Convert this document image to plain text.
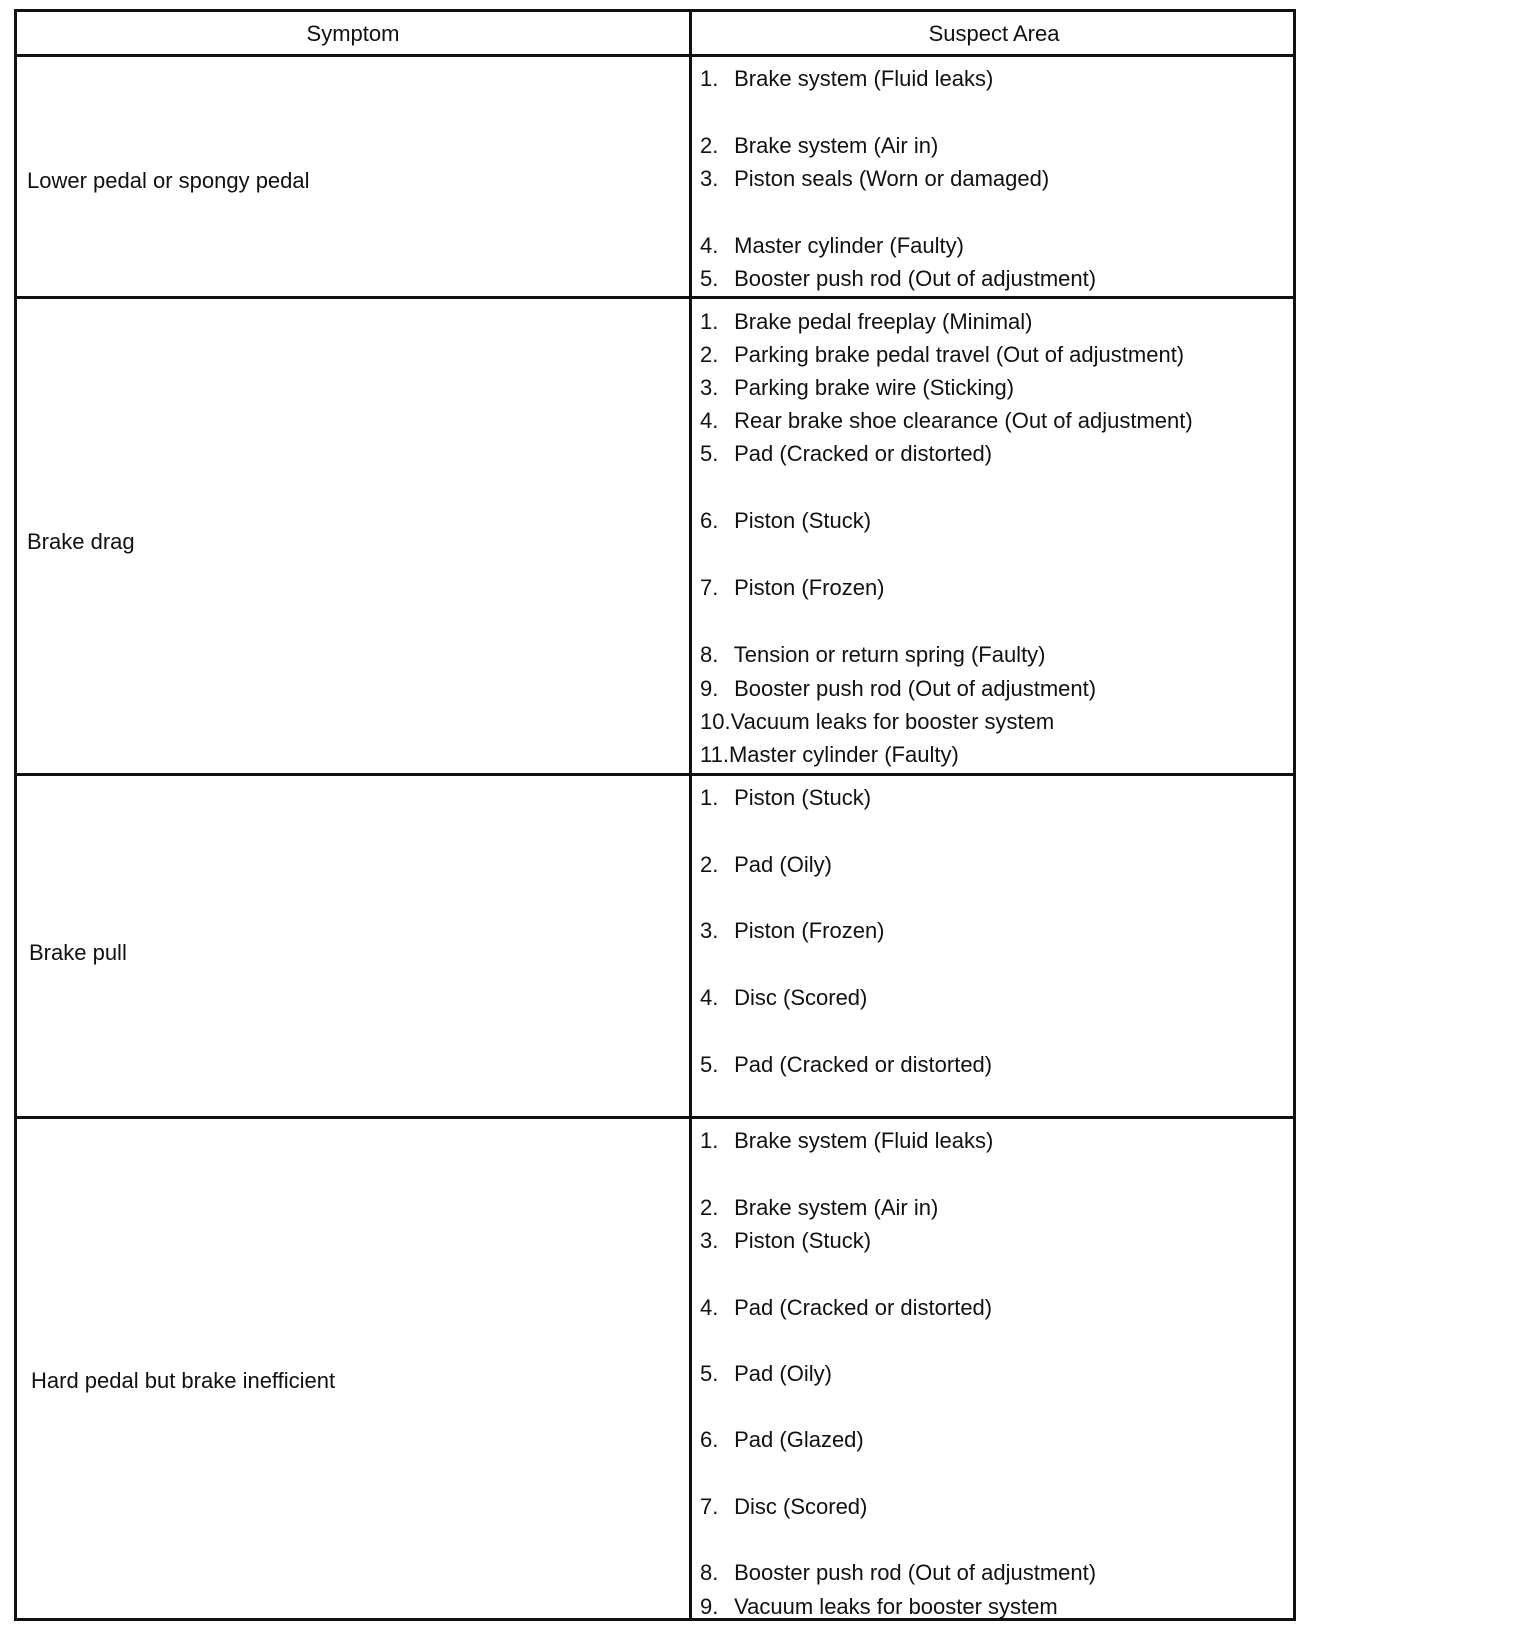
Symptom	Suspect Area
Lower pedal or spongy pedal
1. Brake system (Fluid leaks)
2. Brake system (Air in)
3. Piston seals (Worn or damaged)
4. Master cylinder (Faulty)
5. Booster push rod (Out of adjustment)
Brake drag
1. Brake pedal freeplay (Minimal)
2. Parking brake pedal travel (Out of adjustment)
3. Parking brake wire (Sticking)
4. Rear brake shoe clearance (Out of adjustment)
5. Pad (Cracked or distorted)
6. Piston (Stuck)
7. Piston (Frozen)
8. Tension or return spring (Faulty)
9. Booster push rod (Out of adjustment)
10.Vacuum leaks for booster system
11.Master cylinder (Faulty)
Brake pull
1. Piston (Stuck)
2. Pad (Oily)
3. Piston (Frozen)
4. Disc (Scored)
5. Pad (Cracked or distorted)
Hard pedal but brake inefficient
1. Brake system (Fluid leaks)
2. Brake system (Air in)
3. Piston (Stuck)
4. Pad (Cracked or distorted)
5. Pad (Oily)
6. Pad (Glazed)
7. Disc (Scored)
8. Booster push rod (Out of adjustment)
9. Vacuum leaks for booster system
